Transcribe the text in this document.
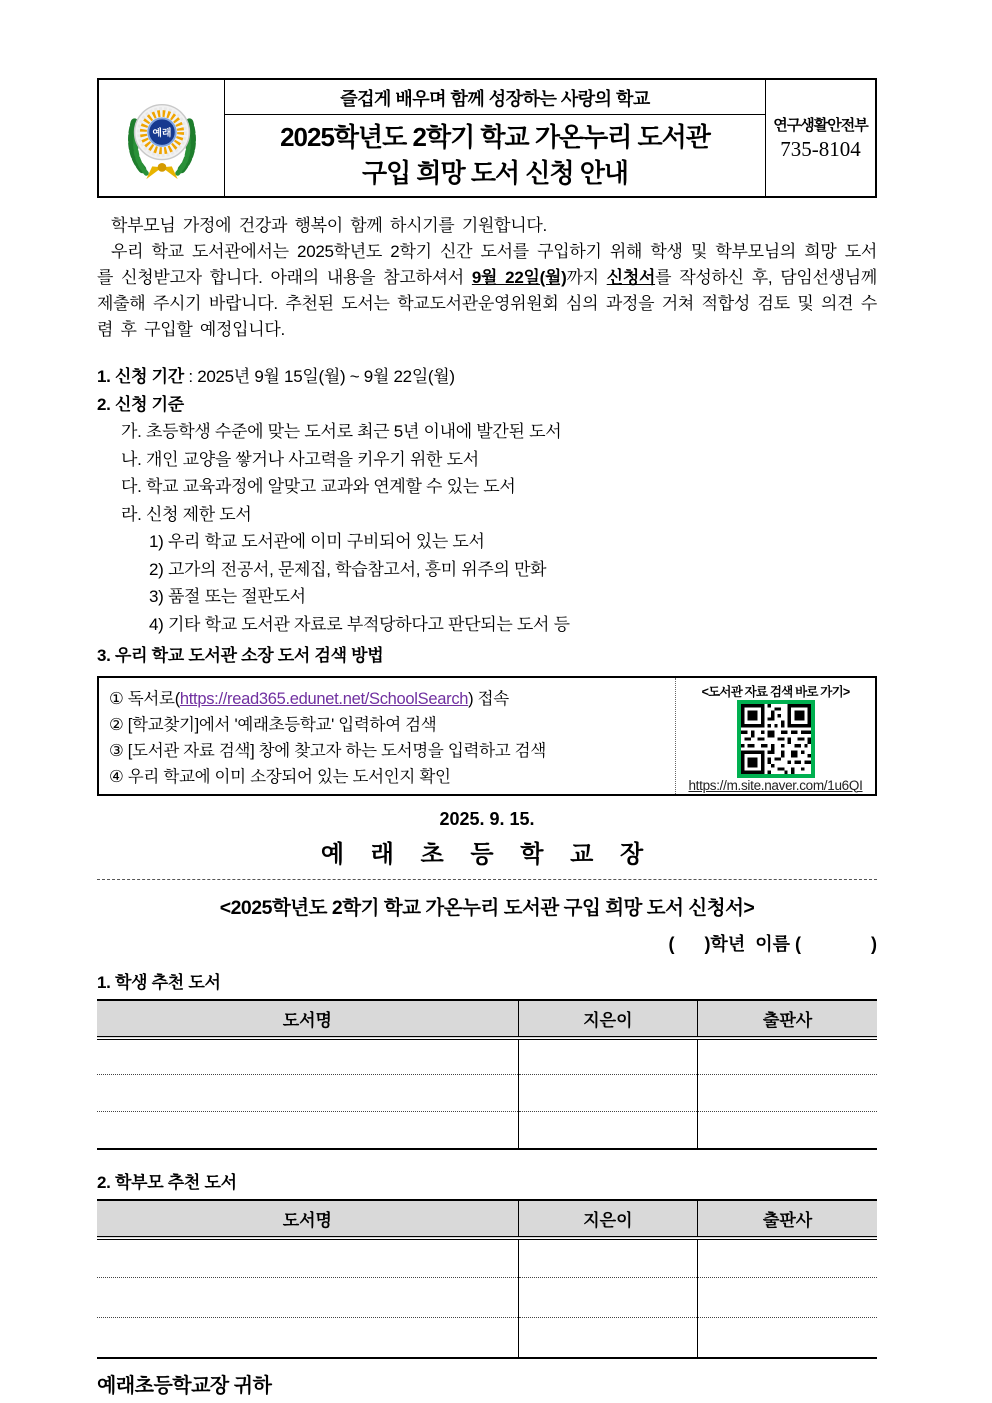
예래
즐겁게 배우며 함께 성장하는 사랑의 학교
2025학년도 2학기 학교 가온누리 도서관
구입 희망 도서 신청 안내
연구생활안전부
735-8104

학부모님 가정에 건강과 행복이 함께 하시기를 기원합니다.

우리 학교 도서관에서는 2025학년도 2학기 신간 도서를 구입하기 위해 학생 및 학부모님의 희망 도서를 신청받고자 합니다. 아래의 내용을 참고하셔서 9월 22일(월)까지 신청서를 작성하신 후, 담임선생님께 제출해 주시기 바랍니다. 추천된 도서는 학교도서관운영위원회 심의 과정을 거쳐 적합성 검토 및 의견 수렴 후 구입할 예정입니다.

1. 신청 기간 : 2025년 9월 15일(월) ~ 9월 22일(월)
2. 신청 기준
가. 초등학생 수준에 맞는 도서로 최근 5년 이내에 발간된 도서
나. 개인 교양을 쌓거나 사고력을 키우기 위한 도서
다. 학교 교육과정에 알맞고 교과와 연계할 수 있는 도서
라. 신청 제한 도서
1) 우리 학교 도서관에 이미 구비되어 있는 도서
2) 고가의 전공서, 문제집, 학습참고서, 흥미 위주의 만화
3) 품절 또는 절판도서
4) 기타 학교 도서관 자료로 부적당하다고 판단되는 도서 등
3. 우리 학교 도서관 소장 도서 검색 방법
① 독서로(https://read365.edunet.net/SchoolSearch) 접속
② [학교찾기]에서 '예래초등학교' 입력하여 검색
③ [도서관 자료 검색] 창에 찾고자 하는 도서명을 입력하고 검색
④ 우리 학교에 이미 소장되어 있는 도서인지 확인
<도서관 자료 검색 바로 가기>
https://m.site.naver.com/1u6QI
2025. 9. 15.
예 래 초 등 학 교 장
<2025학년도 2학기 학교 가온누리 도서관 구입 희망 도서 신청서>
(      )학년  이름 (              )
1. 학생 추천 도서
도서명	지은이	출판사

2. 학부모 추천 도서
도서명	지은이	출판사

예래초등학교장 귀하
